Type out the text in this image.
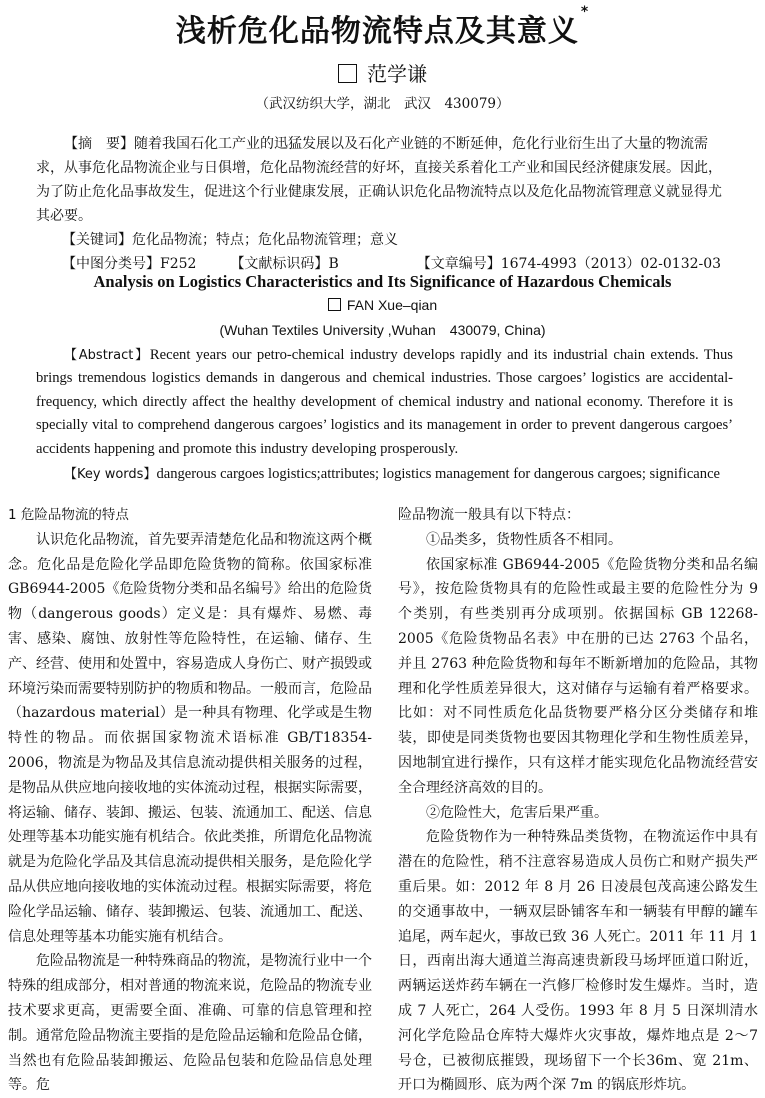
浅析危化品物流特点及其意义*
范学谦
（武汉纺织大学，湖北　武汉　430079）

【摘　要】随着我国石化工产业的迅猛发展以及石化产业链的不断延伸，危化行业衍生出了大量的物流需求，从事危化品物流企业与日俱增，危化品物流经营的好坏，直接关系着化工产业和国民经济健康发展。因此，为了防止危化品事故发生，促进这个行业健康发展，正确认识危化品物流特点以及危化品物流管理意义就显得尤其必要。

【关键词】危化品物流；特点；危化品物流管理；意义

【中图分类号】F252 【文献标识码】B	【文章编号】1674-4993（2013）02-0132-03

Analysis on Logistics Characteristics and Its Significance of Hazardous Chemicals
FAN Xue–qian
(Wuhan Textiles University ,Wuhan　430079, China)

【Abstract】Recent years our petro-chemical industry develops rapidly and its industrial chain extends. Thus brings tremendous logistics demands in dangerous and chemical industries. Those cargoes’ logistics are accidental-frequency, which directly affect the healthy development of chemical industry and national economy. Therefore it is specially vital to comprehend dangerous cargoes’ logistics and its management in order to prevent dangerous cargoes’ accidents happening and promote this industry developing prosperously.

【Key words】dangerous cargoes logistics;attributes; logistics management for dangerous cargoes; significance

1 危险品物流的特点

认识危化品物流，首先要弄清楚危化品和物流这两个概念。危化品是危险化学品即危险货物的简称。依国家标准GB6944-2005《危险货物分类和品名编号》给出的危险货物（dangerous goods）定义是：具有爆炸、易燃、毒害、感染、腐蚀、放射性等危险特性，在运输、储存、生产、经营、使用和处置中，容易造成人身伤亡、财产损毁或环境污染而需要特别防护的物质和物品。一般而言，危险品（hazardous material）是一种具有物理、化学或是生物特性的物品。而依据国家物流术语标准 GB/T18354-2006，物流是为物品及其信息流动提供相关服务的过程，是物品从供应地向接收地的实体流动过程，根据实际需要，将运输、储存、装卸、搬运、包装、流通加工、配送、信息处理等基本功能实施有机结合。依此类推，所谓危化品物流就是为危险化学品及其信息流动提供相关服务，是危险化学品从供应地向接收地的实体流动过程。根据实际需要，将危险化学品运输、储存、装卸搬运、包装、流通加工、配送、信息处理等基本功能实施有机结合。

危险品物流是一种特殊商品的物流，是物流行业中一个特殊的组成部分，相对普通的物流来说，危险品的物流专业技术要求更高，更需要全面、准确、可靠的信息管理和控制。通常危险品物流主要指的是危险品运输和危险品仓储，当然也有危险品装卸搬运、危险品包装和危险品信息处理等。危

险品物流一般具有以下特点：

①品类多，货物性质各不相同。

依国家标准 GB6944-2005《危险货物分类和品名编号》，按危险货物具有的危险性或最主要的危险性分为 9 个类别，有些类别再分成项别。依据国标 GB 12268-2005《危险货物品名表》中在册的已达 2763 个品名，并且 2763 种危险货物和每年不断新增加的危险品，其物理和化学性质差异很大，这对储存与运输有着严格要求。比如：对不同性质危化品货物要严格分区分类储存和堆装，即使是同类货物也要因其物理化学和生物性质差异，因地制宜进行操作，只有这样才能实现危化品物流经营安全合理经济高效的目的。

②危险性大，危害后果严重。

危险货物作为一种特殊品类货物，在物流运作中具有潜在的危险性，稍不注意容易造成人员伤亡和财产损失严重后果。如：2012 年 8 月 26 日凌晨包茂高速公路发生的交通事故中，一辆双层卧铺客车和一辆装有甲醇的罐车追尾，两车起火，事故已致 36 人死亡。2011 年 11 月 1 日，西南出海大通道兰海高速贵新段马场坪匝道口附近，两辆运送炸药车辆在一汽修厂检修时发生爆炸。当时，造成 7 人死亡，264 人受伤。1993 年 8 月 5 日深圳清水河化学危险品仓库特大爆炸火灾事故，爆炸地点是 2～7 号仓，已被彻底摧毁，现场留下一个长36m、宽 21m、开口为椭圆形、底为两个深 7m 的锅底形炸坑。
